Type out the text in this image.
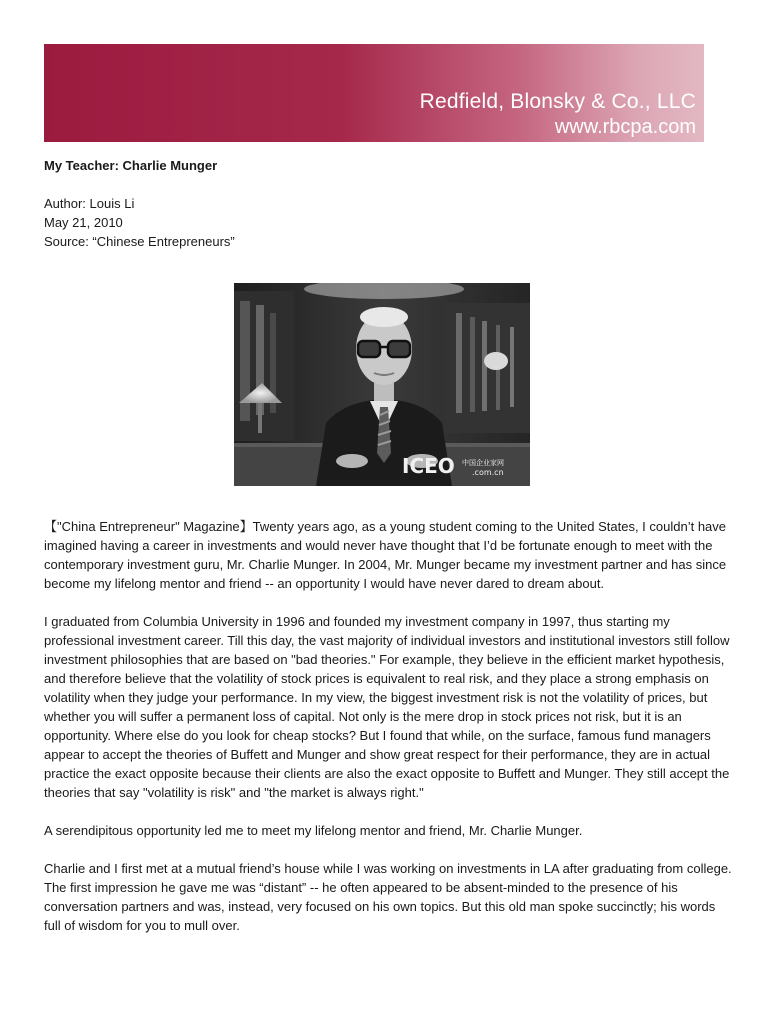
Redfield, Blonsky & Co., LLC
www.rbcpa.com
My Teacher: Charlie Munger
Author: Louis Li
May 21, 2010
Source: “Chinese Entrepreneurs”
ICEO 中国企业家网
.com.cn

【"China Entrepreneur" Magazine】Twenty years ago, as a young student coming to the United States, I couldn’t have imagined having a career in investments and would never have thought that I’d be fortunate enough to meet with the contemporary investment guru, Mr. Charlie Munger. In 2004, Mr. Munger became my investment partner and has since become my lifelong mentor and friend -- an opportunity I would have never dared to dream about.

I graduated from Columbia University in 1996 and founded my investment company in 1997, thus starting my professional investment career. Till this day, the vast majority of individual investors and institutional investors still follow investment philosophies that are based on "bad theories." For example, they believe in the efficient market hypothesis, and therefore believe that the volatility of stock prices is equivalent to real risk, and they place a strong emphasis on volatility when they judge your performance. In my view, the biggest investment risk is not the volatility of prices, but whether you will suffer a permanent loss of capital. Not only is the mere drop in stock prices not risk, but it is an opportunity. Where else do you look for cheap stocks? But I found that while, on the surface, famous fund managers appear to accept the theories of Buffett and Munger and show great respect for their performance, they are in actual practice the exact opposite because their clients are also the exact opposite to Buffett and Munger. They still accept the theories that say "volatility is risk" and "the market is always right."

A serendipitous opportunity led me to meet my lifelong mentor and friend, Mr. Charlie Munger.

Charlie and I first met at a mutual friend’s house while I was working on investments in LA after graduating from college. The first impression he gave me was “distant” -- he often appeared to be absent-minded to the presence of his conversation partners and was, instead, very focused on his own topics. But this old man spoke succinctly; his words full of wisdom for you to mull over.
